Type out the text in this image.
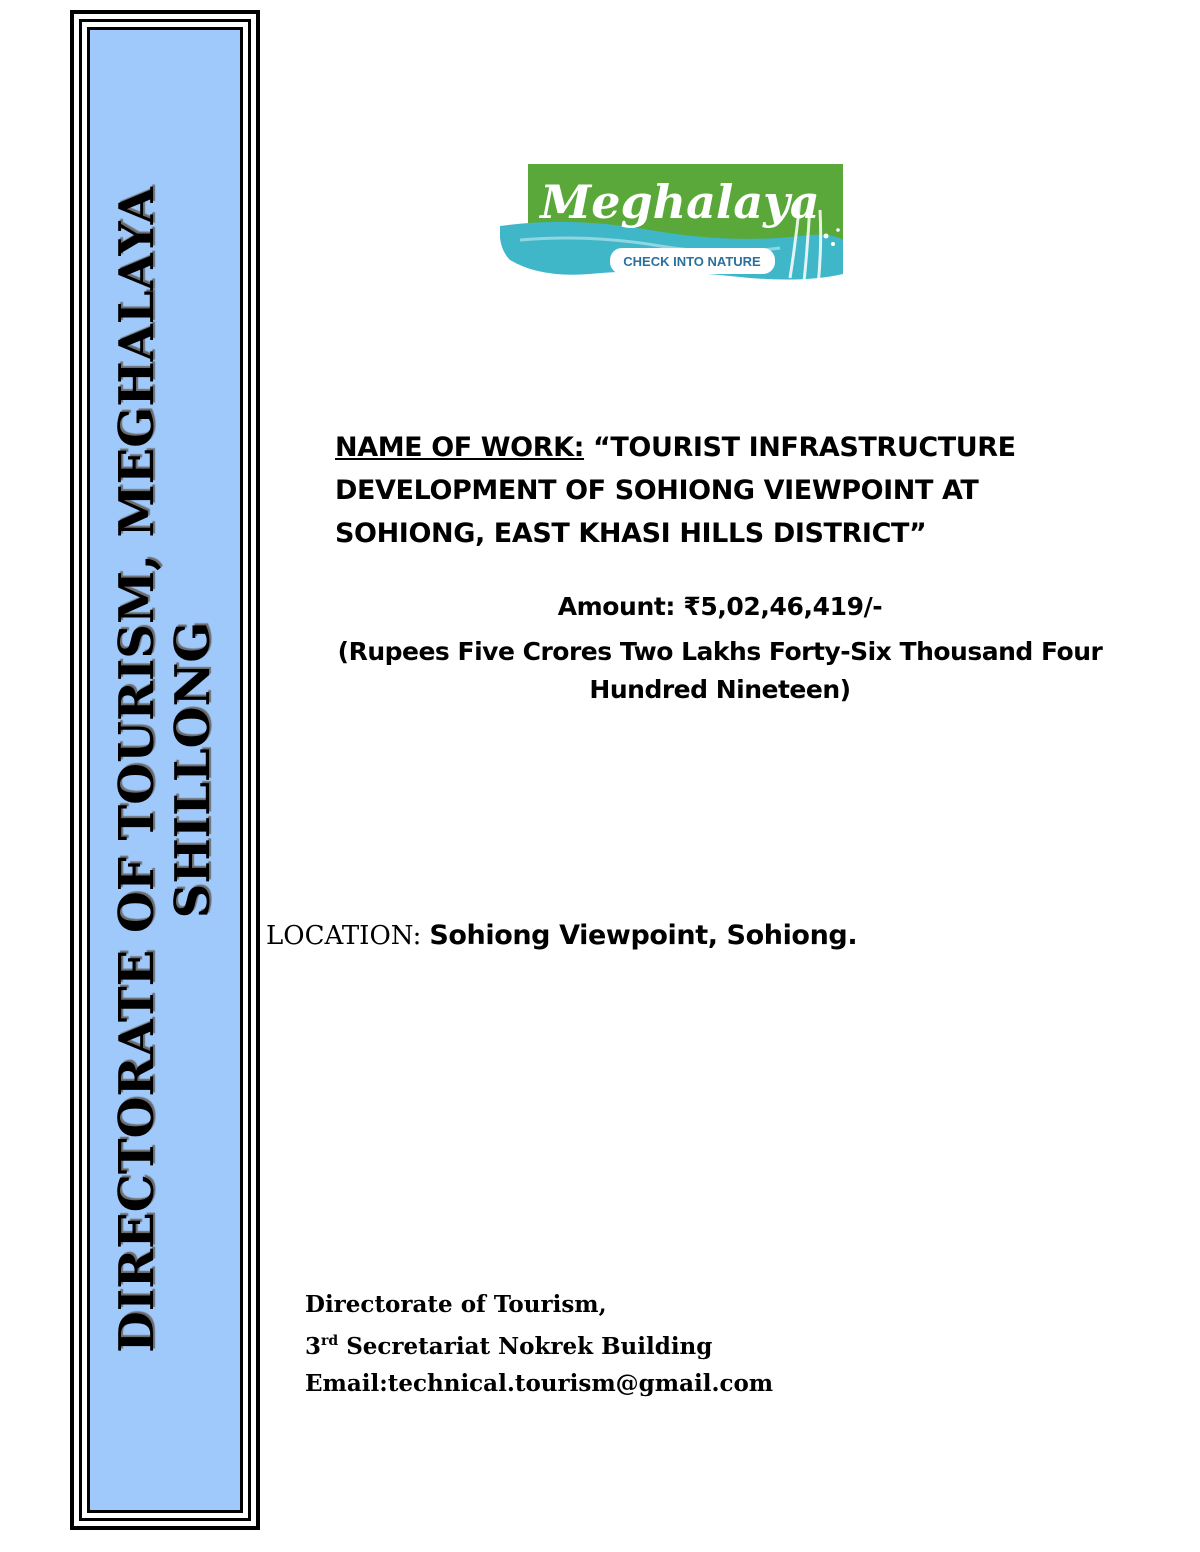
DIRECTORATE OF TOURISM, MEGHALAYA SHILLONG
CHECK INTO NATURE
Meghalaya
NAME OF WORK: “TOURIST INFRASTRUCTURE DEVELOPMENT OF SOHIONG VIEWPOINT AT SOHIONG, EAST KHASI HILLS DISTRICT”
Amount: ₹5,02,46,419/-
(Rupees Five Crores Two Lakhs Forty-Six Thousand Four Hundred Nineteen)
LOCATION: Sohiong Viewpoint, Sohiong.
Directorate of Tourism,
3rd Secretariat Nokrek Building
Email:technical.tourism@gmail.com
